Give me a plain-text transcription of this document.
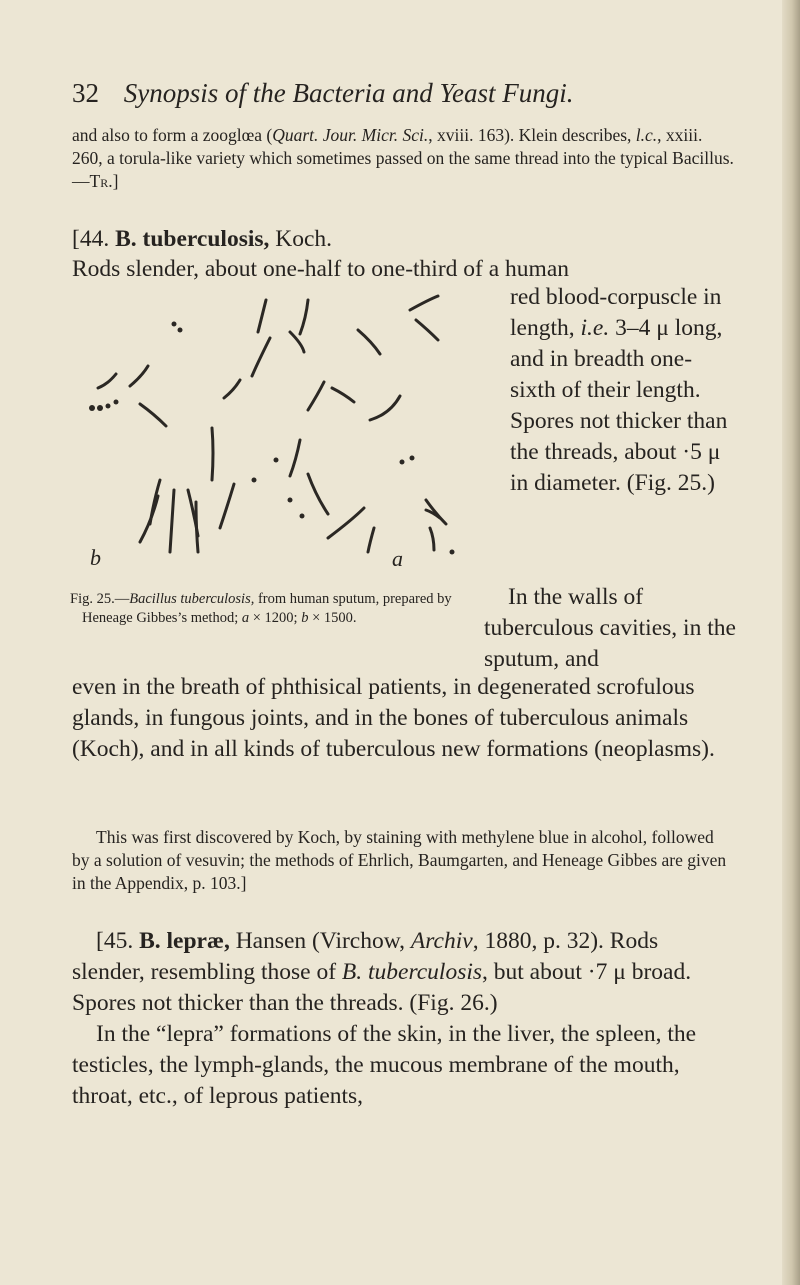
32 Synopsis of the Bacteria and Yeast Fungi.
and also to form a zooglœa (Quart. Jour. Micr. Sci., xviii. 163). Klein describes, l.c., xxiii. 260, a torula-like variety which sometimes passed on the same thread into the typical Bacillus.—Tr.]
[44. B. tuberculosis, Koch.
Rods slender, about one-half to one-third of a human
b	a
red blood-corpuscle in length, i.e. 3–4 μ long, and in breadth one-sixth of their length. Spores not thicker than the threads, about ·5 μ in diameter. (Fig. 25.)
Fig. 25.—Bacillus tuberculosis, from human sputum, prepared by Heneage Gibbes’s method; a × 1200; b × 1500.
In the walls of tuberculous cavities, in the sputum, and
even in the breath of phthisical patients, in degenerated scrofulous glands, in fungous joints, and in the bones of tuberculous animals (Koch), and in all kinds of tuberculous new formations (neoplasms).
This was first discovered by Koch, by staining with methylene blue in alcohol, followed by a solution of vesuvin; the methods of Ehrlich, Baumgarten, and Heneage Gibbes are given in the Appendix, p. 103.]
[45. B. lepræ, Hansen (Virchow, Archiv, 1880, p. 32). Rods slender, resembling those of B. tuberculosis, but about ·7 μ broad. Spores not thicker than the threads. (Fig. 26.)
In the “lepra” formations of the skin, in the liver, the spleen, the testicles, the lymph-glands, the mucous membrane of the mouth, throat, etc., of leprous patients,
